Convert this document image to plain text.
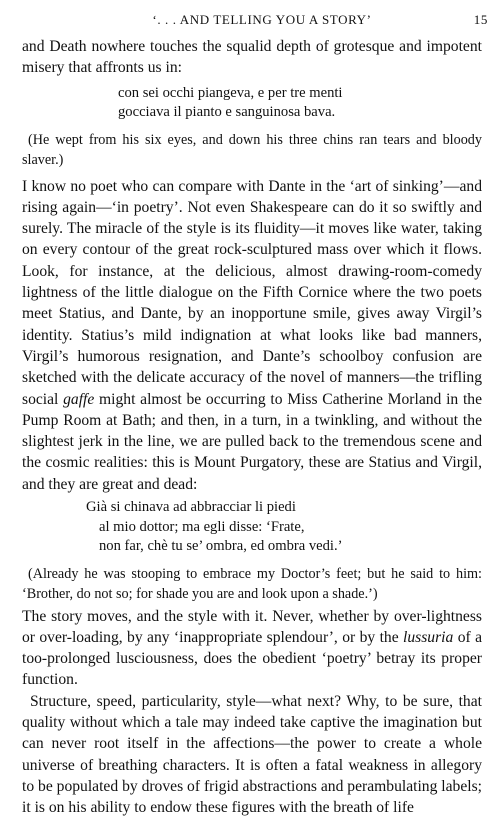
‘. . . AND TELLING YOU A STORY’	15

and Death nowhere touches the squalid depth of grotesque and impotent misery that affronts us in:

con sei occhi piangeva, e per tre menti
gocciava il pianto e sanguinosa bava.

(He wept from his six eyes, and down his three chins ran tears and bloody slaver.)

I know no poet who can compare with Dante in the ‘art of sinking’—and rising again—‘in poetry’. Not even Shakespeare can do it so swiftly and surely. The miracle of the style is its fluidity—it moves like water, taking on every contour of the great rock-sculptured mass over which it flows. Look, for instance, at the delicious, almost drawing-room-comedy lightness of the little dialogue on the Fifth Cornice where the two poets meet Statius, and Dante, by an inopportune smile, gives away Virgil’s identity. Statius’s mild indignation at what looks like bad manners, Virgil’s humorous resignation, and Dante’s schoolboy confusion are sketched with the delicate accuracy of the novel of manners—the trifling social gaffe might almost be occurring to Miss Catherine Morland in the Pump Room at Bath; and then, in a turn, in a twinkling, and without the slightest jerk in the line, we are pulled back to the tremendous scene and the cosmic realities: this is Mount Purgatory, these are Statius and Virgil, and they are great and dead:

Già si chinava ad abbracciar li piedi
al mio dottor; ma egli disse: ‘Frate,
non far, chè tu se’ ombra, ed ombra vedi.’

(Already he was stooping to embrace my Doctor’s feet; but he said to him: ‘Brother, do not so; for shade you are and look upon a shade.’)

The story moves, and the style with it. Never, whether by over-lightness or over-loading, by any ‘inappropriate splendour’, or by the lussuria of a too-prolonged lusciousness, does the obedient ‘poetry’ betray its proper function.

Structure, speed, particularity, style—what next? Why, to be sure, that quality without which a tale may indeed take captive the imagination but can never root itself in the affections—the power to create a whole universe of breathing characters. It is often a fatal weakness in allegory to be populated by droves of frigid abstractions and perambulating labels; it is on his ability to endow these figures with the breath of life
